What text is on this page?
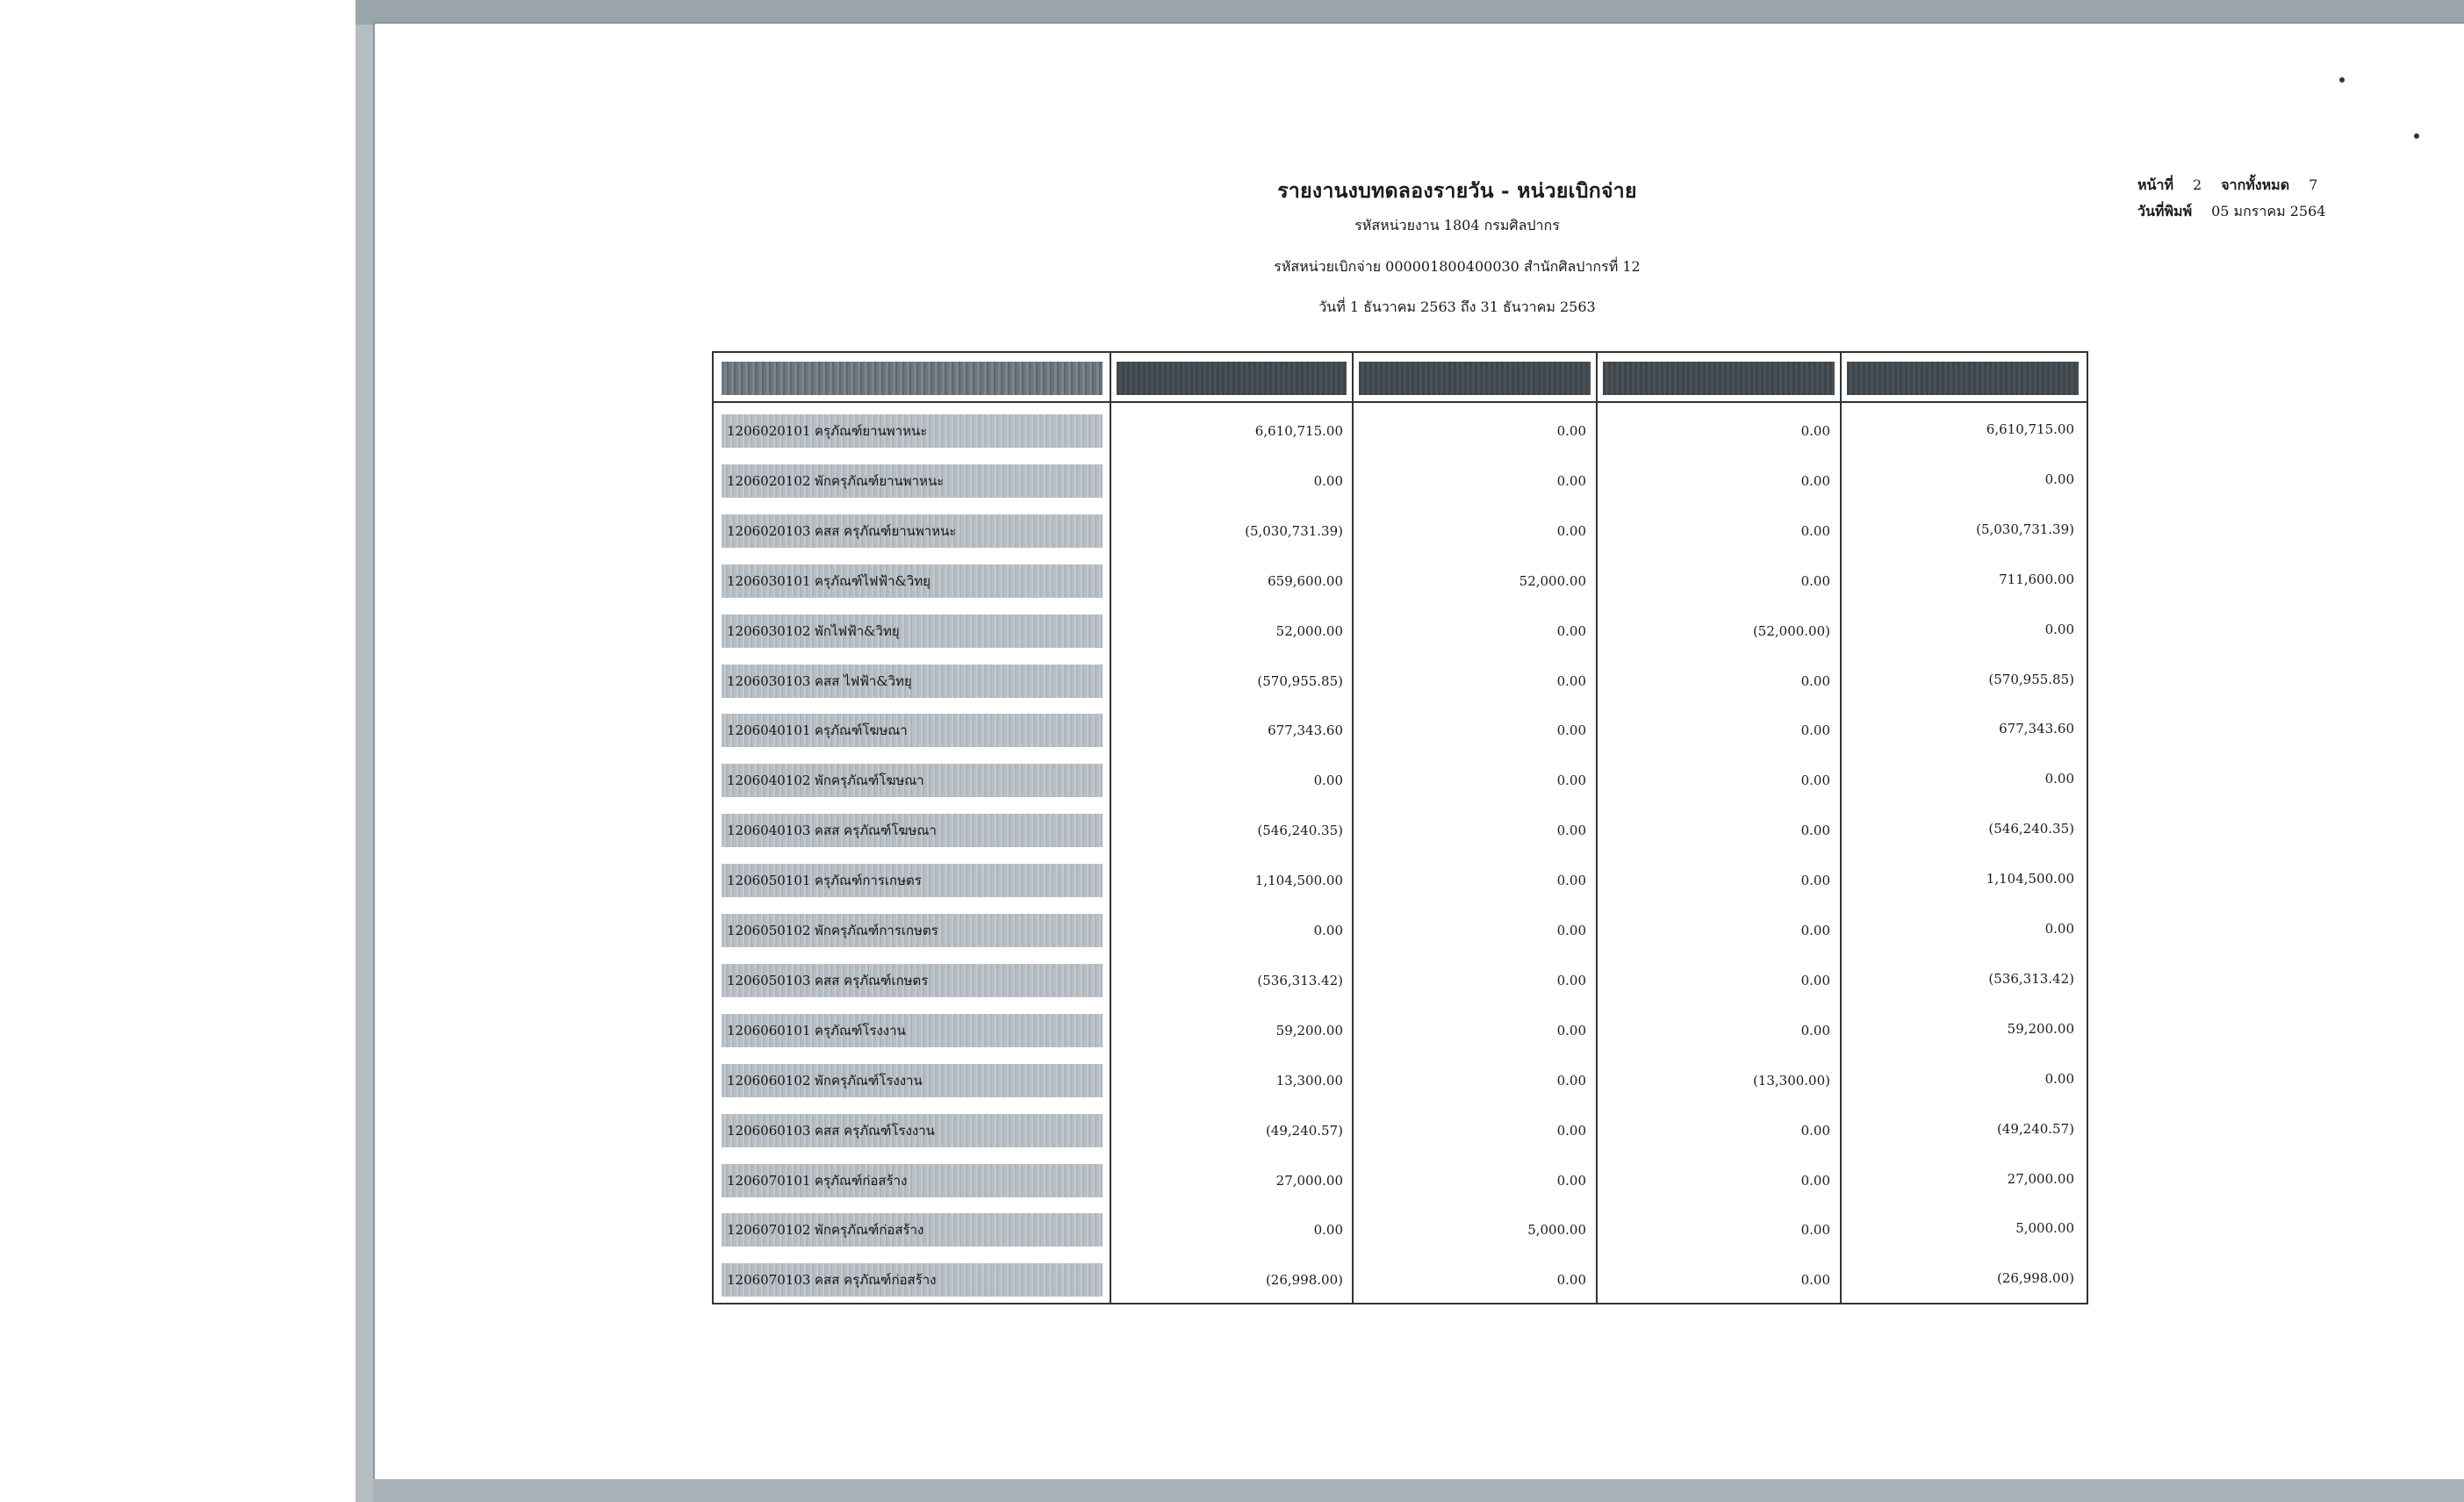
รายงานงบทดลองรายวัน - หน่วยเบิกจ่าย
รหัสหน่วยงาน 1804 กรมศิลปากร
รหัสหน่วยเบิกจ่าย 000001800400030 สำนักศิลปากรที่ 12
วันที่ 1 ธันวาคม 2563 ถึง 31 ธันวาคม 2563
หน้าที่ 2 จากทั้งหมด 7
วันที่พิมพ์ 05 มกราคม 2564
1206020101 ครุภัณฑ์ยานพาหนะ	6,610,715.00	0.00	0.00	6,610,715.00
1206020102 พักครุภัณฑ์ยานพาหนะ	0.00	0.00	0.00	0.00
1206020103 คสส ครุภัณฑ์ยานพาหนะ	(5,030,731.39)	0.00	0.00	(5,030,731.39)
1206030101 ครุภัณฑ์ไฟฟ้า&วิทยุ	659,600.00	52,000.00	0.00	711,600.00
1206030102 พักไฟฟ้า&วิทยุ	52,000.00	0.00	(52,000.00)	0.00
1206030103 คสส ไฟฟ้า&วิทยุ	(570,955.85)	0.00	0.00	(570,955.85)
1206040101 ครุภัณฑ์โฆษณา	677,343.60	0.00	0.00	677,343.60
1206040102 พักครุภัณฑ์โฆษณา	0.00	0.00	0.00	0.00
1206040103 คสส ครุภัณฑ์โฆษณา	(546,240.35)	0.00	0.00	(546,240.35)
1206050101 ครุภัณฑ์การเกษตร	1,104,500.00	0.00	0.00	1,104,500.00
1206050102 พักครุภัณฑ์การเกษตร	0.00	0.00	0.00	0.00
1206050103 คสส ครุภัณฑ์เกษตร	(536,313.42)	0.00	0.00	(536,313.42)
1206060101 ครุภัณฑ์โรงงาน	59,200.00	0.00	0.00	59,200.00
1206060102 พักครุภัณฑ์โรงงาน	13,300.00	0.00	(13,300.00)	0.00
1206060103 คสส ครุภัณฑ์โรงงาน	(49,240.57)	0.00	0.00	(49,240.57)
1206070101 ครุภัณฑ์ก่อสร้าง	27,000.00	0.00	0.00	27,000.00
1206070102 พักครุภัณฑ์ก่อสร้าง	0.00	5,000.00	0.00	5,000.00
1206070103 คสส ครุภัณฑ์ก่อสร้าง	(26,998.00)	0.00	0.00	(26,998.00)
